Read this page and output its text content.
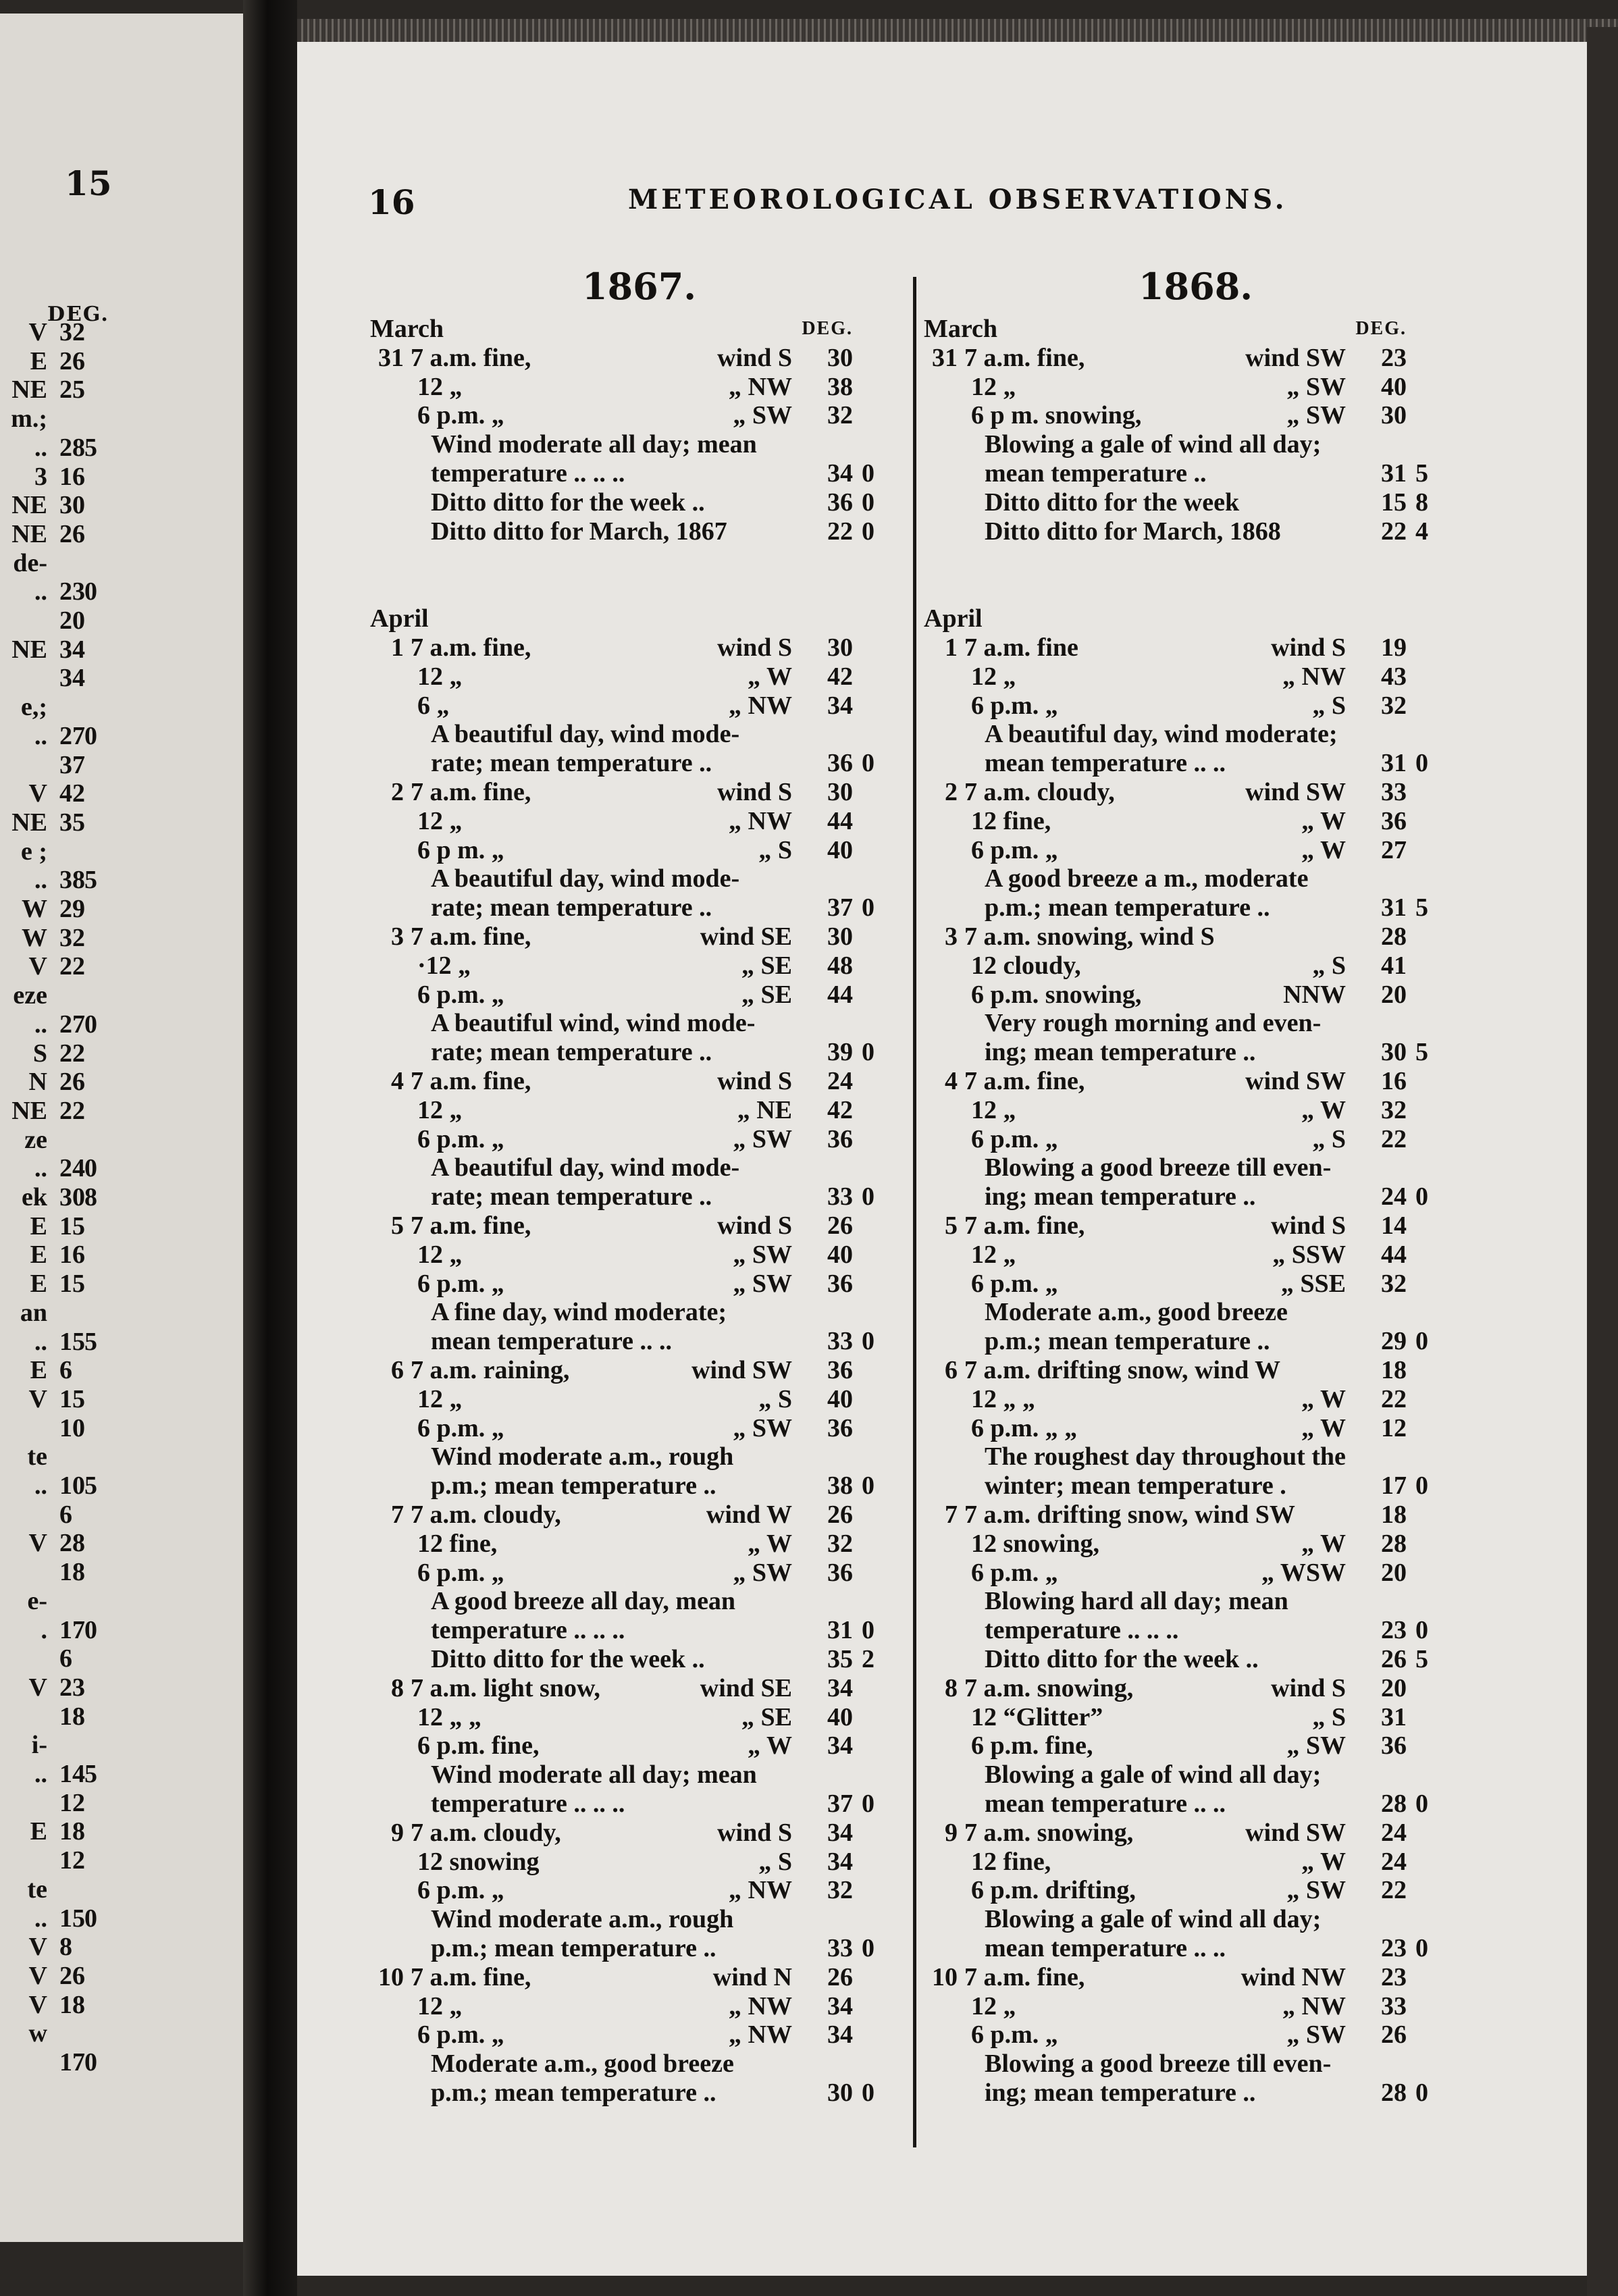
15
DEG.
V 32
E 26
NE 25
m.;
.. 28 5
3 16
NE 30
NE 26
de-
.. 23 0
20
NE 34
34
e,;
.. 27 0
37
V 42
NE 35
e ;
.. 38 5
W 29
W 32
V 22
eze
.. 27 0
S 22
N 26
NE 22
ze
.. 24 0
ek 30 8
E 15
E 16
E 15
an
.. 15 5
E 6
V 15
10
te
.. 10 5
6
V 28
18
e-
. 17 0
6
V 23
18
i-
.. 14 5
12
E 18
12
te
.. 15 0
V 8
V 26
V 18
w
17 0
16	METEOROLOGICAL OBSERVATIONS.
1867.	1868.
March	DEG.
31 7 a.m. fine,	wind S	30
12 „	„ NW	38
6 p.m. „	„ SW	32
Wind moderate all day; mean
temperature .. .. ..	34 0
Ditto ditto for the week ..	36 0
Ditto ditto for March, 1867	22 0
April
1 7 a.m. fine,	wind S	30
12 „	„ W	42
6 „	„ NW	34
A beautiful day, wind mode-
rate; mean temperature ..	36 0
2 7 a.m. fine,	wind S	30
12 „	„ NW	44
6 p m. „	„ S	40
A beautiful day, wind mode-
rate; mean temperature ..	37 0
3 7 a.m. fine,	wind SE	30
·12 „	„ SE	48
6 p.m. „	„ SE	44
A beautiful wind, wind mode-
rate; mean temperature ..	39 0
4 7 a.m. fine,	wind S	24
12 „	„ NE	42
6 p.m. „	„ SW	36
A beautiful day, wind mode-
rate; mean temperature ..	33 0
5 7 a.m. fine,	wind S	26
12 „	„ SW	40
6 p.m. „	„ SW	36
A fine day, wind moderate;
mean temperature .. ..	33 0
6 7 a.m. raining,	wind SW	36
12 „	„ S	40
6 p.m. „	„ SW	36
Wind moderate a.m., rough
p.m.; mean temperature ..	38 0
7 7 a.m. cloudy,	wind W	26
12 fine,	„ W	32
6 p.m. „	„ SW	36
A good breeze all day, mean
temperature .. .. ..	31 0
Ditto ditto for the week ..	35 2
8 7 a.m. light snow,	wind SE	34
12 „ „	„ SE	40
6 p.m. fine,	„ W	34
Wind moderate all day; mean
temperature .. .. ..	37 0
9 7 a.m. cloudy,	wind S	34
12 snowing	„ S	34
6 p.m. „	„ NW	32
Wind moderate a.m., rough
p.m.; mean temperature ..	33 0
10 7 a.m. fine,	wind N	26
12 „	„ NW	34
6 p.m. „	„ NW	34
Moderate a.m., good breeze
p.m.; mean temperature ..	30 0
March	DEG.
31 7 a.m. fine,	wind SW	23
12 „	„ SW	40
6 p m. snowing,	„ SW	30
Blowing a gale of wind all day;
mean temperature ..	31 5
Ditto ditto for the week	15 8
Ditto ditto for March, 1868	22 4
April
1 7 a.m. fine	wind S	19
12 „	„ NW	43
6 p.m. „	„ S	32
A beautiful day, wind moderate;
mean temperature .. ..	31 0
2 7 a.m. cloudy,	wind SW	33
12 fine,	„ W	36
6 p.m. „	„ W	27
A good breeze a m., moderate
p.m.; mean temperature ..	31 5
3 7 a.m. snowing, wind S	28
12 cloudy,	„ S	41
6 p.m. snowing,	NNW	20
Very rough morning and even-
ing; mean temperature ..	30 5
4 7 a.m. fine,	wind SW	16
12 „	„ W	32
6 p.m. „	„ S	22
Blowing a good breeze till even-
ing; mean temperature ..	24 0
5 7 a.m. fine,	wind S	14
12 „	„ SSW	44
6 p.m. „	„ SSE	32
Moderate a.m., good breeze
p.m.; mean temperature ..	29 0
6 7 a.m. drifting snow, wind W	18
12 „ „	„ W	22
6 p.m. „ „	„ W	12
The roughest day throughout the
winter; mean temperature .	17 0
7 7 a.m. drifting snow, wind SW	18
12 snowing,	„ W	28
6 p.m. „	„ WSW	20
Blowing hard all day; mean
temperature .. .. ..	23 0
Ditto ditto for the week ..	26 5
8 7 a.m. snowing,	wind S	20
12 “Glitter”	„ S	31
6 p.m. fine,	„ SW	36
Blowing a gale of wind all day;
mean temperature .. ..	28 0
9 7 a.m. snowing,	wind SW	24
12 fine,	„ W	24
6 p.m. drifting,	„ SW	22
Blowing a gale of wind all day;
mean temperature .. ..	23 0
10 7 a.m. fine,	wind NW	23
12 „	„ NW	33
6 p.m. „	„ SW	26
Blowing a good breeze till even-
ing; mean temperature ..	28 0
